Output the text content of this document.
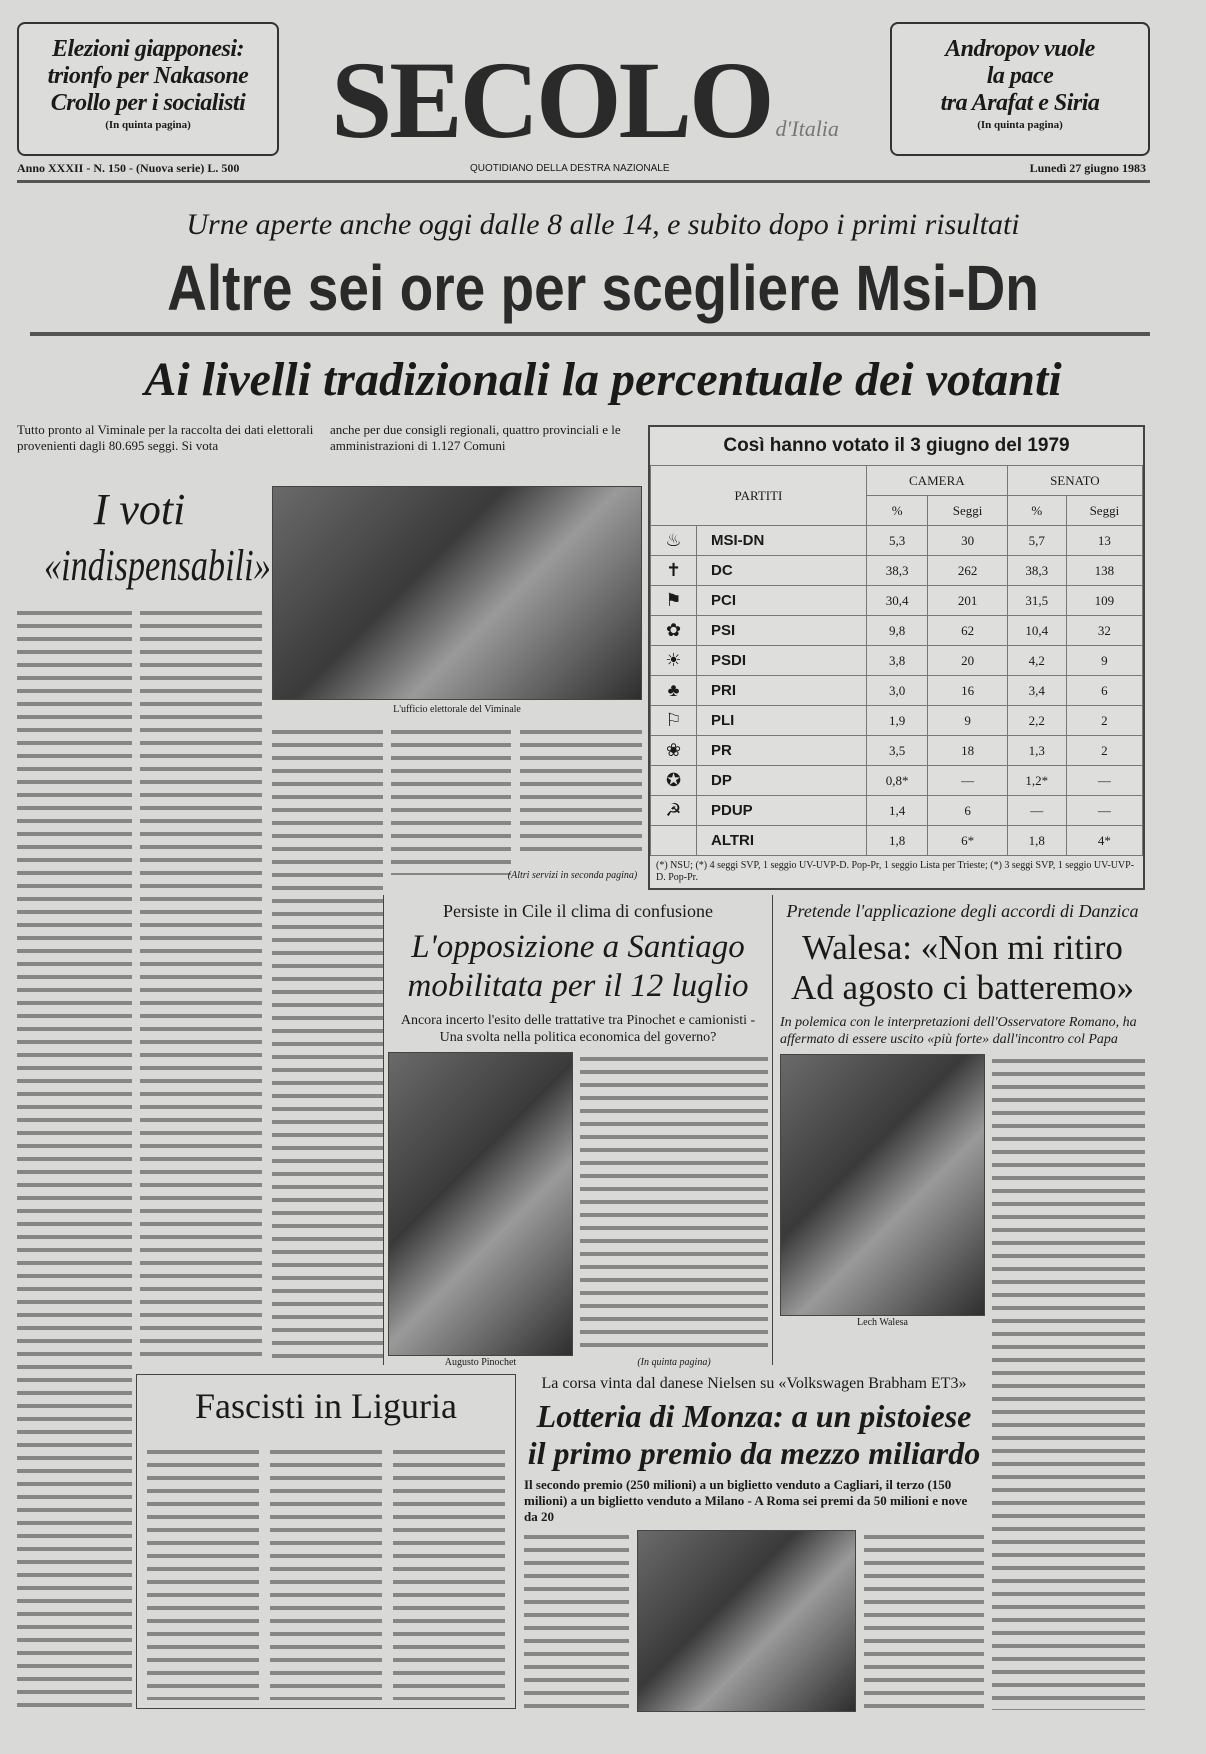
Elezioni giapponesi:
trionfo per Nakasone
Crollo per i socialisti
(In quinta pagina)	SECOLO d'Italia
Andropov vuole
la pace
tra Arafat e Siria
(In quinta pagina)
Anno XXXII - N. 150 - (Nuova serie) L. 500	QUOTIDIANO DELLA DESTRA NAZIONALE	Lunedì 27 giugno 1983
Urne aperte anche oggi dalle 8 alle 14, e subito dopo i primi risultati
Altre sei ore per scegliere Msi-Dn
Ai livelli tradizionali la percentuale dei votanti
Tutto pronto al Viminale per la raccolta dei dati elettorali provenienti dagli 80.695 seggi. Si vota
anche per due consigli regionali, quattro provinciali e le amministrazioni di 1.127 Comuni
I voti
«indispensabili»
L'ufficio elettorale del Viminale
(Altri servizi in seconda pagina)
Così hanno votato il 3 giugno del 1979
PARTITI		CAMERA		SENATO	
		%	Seggi	%	Seggi
♨	MSI-DN	5,3	30	5,7	13
✝	DC	38,3	262	38,3	138
⚑	PCI	30,4	201	31,5	109
✿	PSI	9,8	62	10,4	32
☀	PSDI	3,8	20	4,2	9
♣	PRI	3,0	16	3,4	6
⚐	PLI	1,9	9	2,2	2
❀	PR	3,5	18	1,3	2
✪	DP	0,8*	—	1,2*	—
☭	PDUP	1,4	6	—	—
	ALTRI	1,8	6*	1,8	4*
(*) NSU; (*) 4 seggi SVP, 1 seggio UV-UVP-D. Pop-Pr, 1 seggio Lista per Trieste; (*) 3 seggi SVP, 1 seggio UV-UVP-D. Pop-Pr.
Persiste in Cile il clima di confusione
L'opposizione a Santiago mobilitata per il 12 luglio
Ancora incerto l'esito delle trattative tra Pinochet e camionisti - Una svolta nella politica economica del governo?
Augusto Pinochet	(In quinta pagina)
Pretende l'applicazione degli accordi di Danzica
Walesa: «Non mi ritiro Ad agosto ci batteremo»
In polemica con le interpretazioni dell'Osservatore Romano, ha affermato di essere uscito «più forte» dall'incontro col Papa
Lech Walesa
Fascisti in Liguria
La corsa vinta dal danese Nielsen su «Volkswagen Brabham ET3»
Lotteria di Monza: a un pistoiese il primo premio da mezzo miliardo
Il secondo premio (250 milioni) a un biglietto venduto a Cagliari, il terzo (150 milioni) a un biglietto venduto a Milano - A Roma sei premi da 50 milioni e nove da 20
